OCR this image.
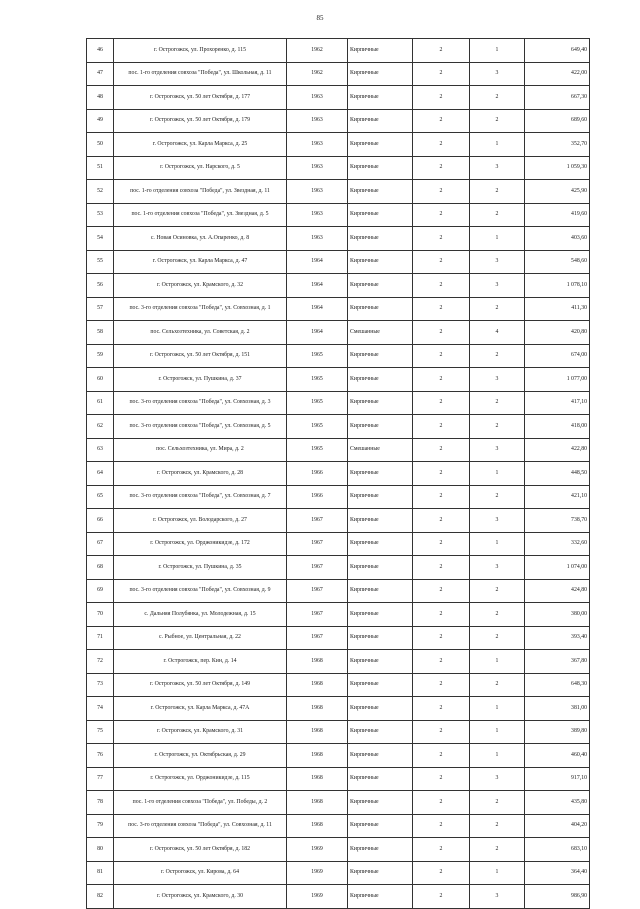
85
46	г. Острогожск, ул. Прохоренко, д. 115	1962	Кирпичные	2	1	649,40
47	пос. 1-го отделения совхоза "Победа", ул. Школьная, д. 11	1962	Кирпичные	2	3	422,00
48	г. Острогожск, ул. 50 лет Октября, д. 177	1963	Кирпичные	2	2	667,30
49	г. Острогожск, ул. 50 лет Октября, д. 179	1963	Кирпичные	2	2	689,60
50	г. Острогожск, ул. Карла Маркса, д. 25	1963	Кирпичные	2	1	352,70
51	г. Острогожск, ул. Нарского, д. 5	1963	Кирпичные	2	3	1 059,30
52	пос. 1-го отделения совхоза "Победа", ул. Звездная, д. 11	1963	Кирпичные	2	2	425,90
53	пос. 1-го отделения совхоза "Победа", ул. Звездная, д. 5	1963	Кирпичные	2	2	419,60
54	с. Новая Осиновка, ул. А.Опаренко, д. 8	1963	Кирпичные	2	1	403,60
55	г. Острогожск, ул. Карла Маркса, д. 47	1964	Кирпичные	2	3	548,60
56	г. Острогожск, ул. Крамского, д. 32	1964	Кирпичные	2	3	1 078,10
57	пос. 3-го отделения совхоза "Победа", ул. Совхозная, д. 1	1964	Кирпичные	2	2	411,30
58	пос. Сельхозтехника, ул. Советская, д. 2	1964	Смешанные	2	4	420,80
59	г. Острогожск, ул. 50 лет Октября, д. 151	1965	Кирпичные	2	2	674,00
60	г. Острогожск, ул. Пушкина, д. 37	1965	Кирпичные	2	3	1 077,00
61	пос. 3-го отделения совхоза "Победа", ул. Совхозная, д. 3	1965	Кирпичные	2	2	417,10
62	пос. 3-го отделения совхоза "Победа", ул. Совхозная, д. 5	1965	Кирпичные	2	2	418,00
63	пос. Сельхозтехника, ул. Мира, д. 2	1965	Смешанные	2	3	422,80
64	г. Острогожск, ул. Крамского, д. 28	1966	Кирпичные	2	1	448,50
65	пос. 3-го отделения совхоза "Победа", ул. Совхозная, д. 7	1966	Кирпичные	2	2	421,10
66	г. Острогожск, ул. Володарского, д. 27	1967	Кирпичные	2	3	738,70
67	г. Острогожск, ул. Орджоникидзе, д. 172	1967	Кирпичные	2	1	332,60
68	г. Острогожск, ул. Пушкина, д. 35	1967	Кирпичные	2	3	1 074,00
69	пос. 3-го отделения совхоза "Победа", ул. Совхозная, д. 9	1967	Кирпичные	2	2	424,80
70	с. Дальняя Полубянка, ул. Молодежная, д. 15	1967	Кирпичные	2	2	380,00
71	с. Рыбное, ул. Центральная, д. 22	1967	Кирпичные	2	2	393,40
72	г. Острогожск, пер. Кин, д. 14	1968	Кирпичные	2	1	367,80
73	г. Острогожск, ул. 50 лет Октября, д. 149	1968	Кирпичные	2	2	648,30
74	г. Острогожск, ул. Карла Маркса, д. 47А	1968	Кирпичные	2	1	381,00
75	г. Острогожск, ул. Крамского, д. 31	1968	Кирпичные	2	1	389,80
76	г. Острогожск, ул. Октябрьская, д. 29	1968	Кирпичные	2	1	460,40
77	г. Острогожск, ул. Орджоникидзе, д. 115	1968	Кирпичные	2	3	917,10
78	пос. 1-го отделения совхоза "Победа", ул. Победы, д. 2	1968	Кирпичные	2	2	435,80
79	пос. 3-го отделения совхоза "Победа", ул. Совхозная, д. 11	1968	Кирпичные	2	2	404,20
80	г. Острогожск, ул. 50 лет Октября, д. 182	1969	Кирпичные	2	2	683,10
81	г. Острогожск, ул. Кирова, д. 64	1969	Кирпичные	2	1	364,40
82	г. Острогожск, ул. Крамского, д. 30	1969	Кирпичные	2	3	986,90
